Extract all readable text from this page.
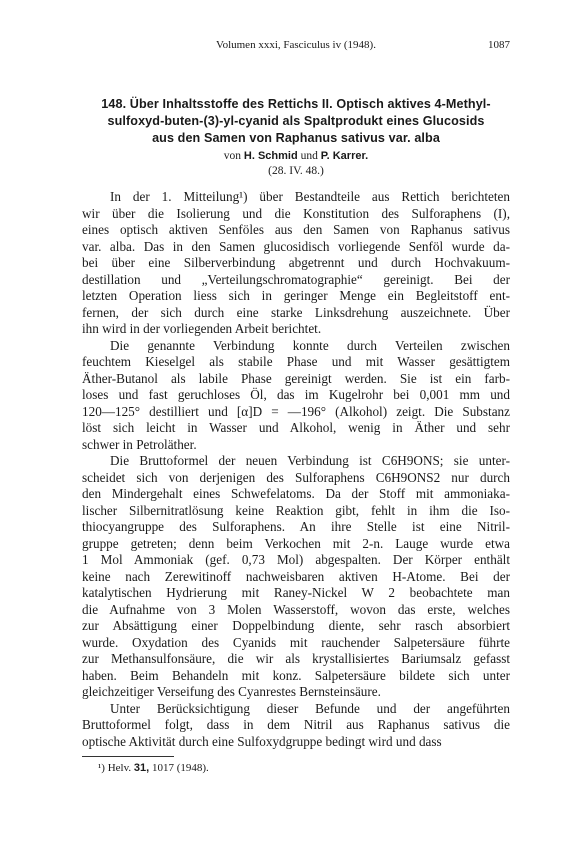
Volumen xxxi, Fasciculus iv (1948).	1087
148. Über Inhaltsstoffe des Rettichs II. Optisch aktives 4-Methyl-
sulfoxyd-buten-(3)-yl-cyanid als Spaltprodukt eines Glucosids
aus den Samen von Raphanus sativus var. alba
von H. Schmid und P. Karrer.
(28. IV. 48.)

In der 1. Mitteilung¹) über Bestandteile aus Rettich berichteten
wir über die Isolierung und die Konstitution des Sulforaphens (I),
eines optisch aktiven Senföles aus den Samen von Raphanus sativus
var. alba. Das in den Samen glucosidisch vorliegende Senföl wurde da-
bei über eine Silberverbindung abgetrennt und durch Hochvakuum-
destillation und „Verteilungschromatographie“ gereinigt. Bei der
letzten Operation liess sich in geringer Menge ein Begleitstoff ent-
fernen, der sich durch eine starke Linksdrehung auszeichnete. Über
ihn wird in der vorliegenden Arbeit berichtet.

Die genannte Verbindung konnte durch Verteilen zwischen
feuchtem Kieselgel als stabile Phase und mit Wasser gesättigtem
Äther-Butanol als labile Phase gereinigt werden. Sie ist ein farb-
loses und fast geruchloses Öl, das im Kugelrohr bei 0,001 mm und
120—125° destilliert und [α]D = —196° (Alkohol) zeigt. Die Substanz
löst sich leicht in Wasser und Alkohol, wenig in Äther und sehr
schwer in Petroläther.

Die Bruttoformel der neuen Verbindung ist C6H9ONS; sie unter-
scheidet sich von derjenigen des Sulforaphens C6H9ONS2 nur durch
den Mindergehalt eines Schwefelatoms. Da der Stoff mit ammoniaka-
lischer Silbernitratlösung keine Reaktion gibt, fehlt in ihm die Iso-
thiocyangruppe des Sulforaphens. An ihre Stelle ist eine Nitril-
gruppe getreten; denn beim Verkochen mit 2-n. Lauge wurde etwa
1 Mol Ammoniak (gef. 0,73 Mol) abgespalten. Der Körper enthält
keine nach Zerewitinoff nachweisbaren aktiven H-Atome. Bei der
katalytischen Hydrierung mit Raney-Nickel W 2 beobachtete man
die Aufnahme von 3 Molen Wasserstoff, wovon das erste, welches
zur Absättigung einer Doppelbindung diente, sehr rasch absorbiert
wurde. Oxydation des Cyanids mit rauchender Salpetersäure führte
zur Methansulfonsäure, die wir als krystallisiertes Bariumsalz gefasst
haben. Beim Behandeln mit konz. Salpetersäure bildete sich unter
gleichzeitiger Verseifung des Cyanrestes Bernsteinsäure.

Unter Berücksichtigung dieser Befunde und der angeführten
Bruttoformel folgt, dass in dem Nitril aus Raphanus sativus die
optische Aktivität durch eine Sulfoxydgruppe bedingt wird und dass

¹) Helv. 31, 1017 (1948).
